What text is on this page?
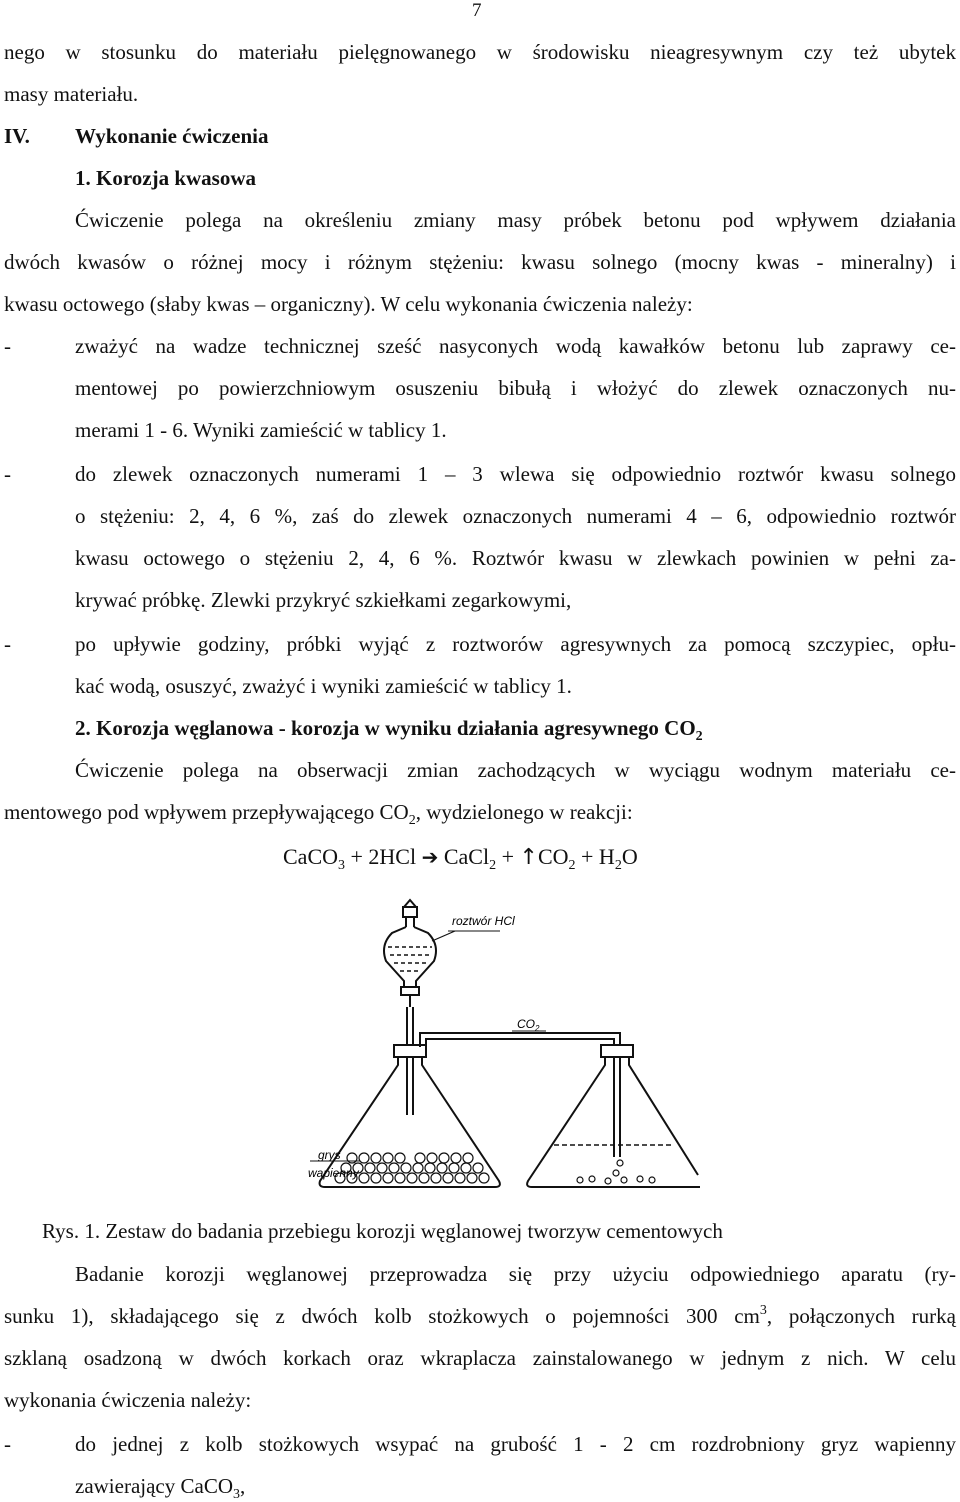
7
nego w stosunku do materiału pielęgnowanego w środowisku nieagresywnym czy też ubytek
masy materiału.
IV. Wykonanie ćwiczenia
1. Korozja kwasowa
Ćwiczenie polega na określeniu zmiany masy próbek betonu pod wpływem działania
dwóch kwasów o różnej mocy i różnym stężeniu: kwasu solnego (mocny kwas - mineralny) i
kwasu octowego (słaby kwas – organiczny). W celu wykonania ćwiczenia należy:
-	zważyć na wadze technicznej sześć nasyconych wodą kawałków betonu lub zaprawy ce-
mentowej po powierzchniowym osuszeniu bibułą i włożyć do zlewek oznaczonych nu-
merami 1 - 6. Wyniki zamieścić w tablicy 1.
-	do zlewek oznaczonych numerami 1 – 3 wlewa się odpowiednio roztwór kwasu solnego
o stężeniu: 2, 4, 6 %, zaś do zlewek oznaczonych numerami 4 – 6, odpowiednio roztwór
kwasu octowego o stężeniu 2, 4, 6 %. Roztwór kwasu w zlewkach powinien w pełni za-
krywać próbkę. Zlewki przykryć szkiełkami zegarkowymi,
-	po upływie godziny, próbki wyjąć z roztworów agresywnych za pomocą szczypiec, opłu-
kać wodą, osuszyć, zważyć i wyniki zamieścić w tablicy 1.
2. Korozja węglanowa - korozja w wyniku działania agresywnego $CO_2$
Ćwiczenie polega na obserwacji zmian zachodzących w wyciągu wodnym materiału ce-
mentowego pod wpływem przepływającego $CO_2$, wydzielonego w reakcji:
CaCO$_3$ + 2HCl ➔ CaCl$_2$ + $↑CO_2 + H_2O$
roztwór HCl
$CO_2$
grys
wapienny
Rys. 1. Zestaw do badania przebiegu korozji węglanowej tworzyw cementowych
Badanie korozji węglanowej przeprowadza się przy użyciu odpowiedniego aparatu (ry-
sunku 1), składającego się z dwóch kolb stożkowych o pojemności 300 $cm^3$, połączonych rurką
szklaną osadzoną w dwóch korkach oraz wkraplacza zainstalowanego w jednym z nich. W celu
wykonania ćwiczenia należy:
-	do jednej z kolb stożkowych wsypać na grubość 1 - 2 cm rozdrobniony gryz wapienny
zawierający CaCO$_3$,
